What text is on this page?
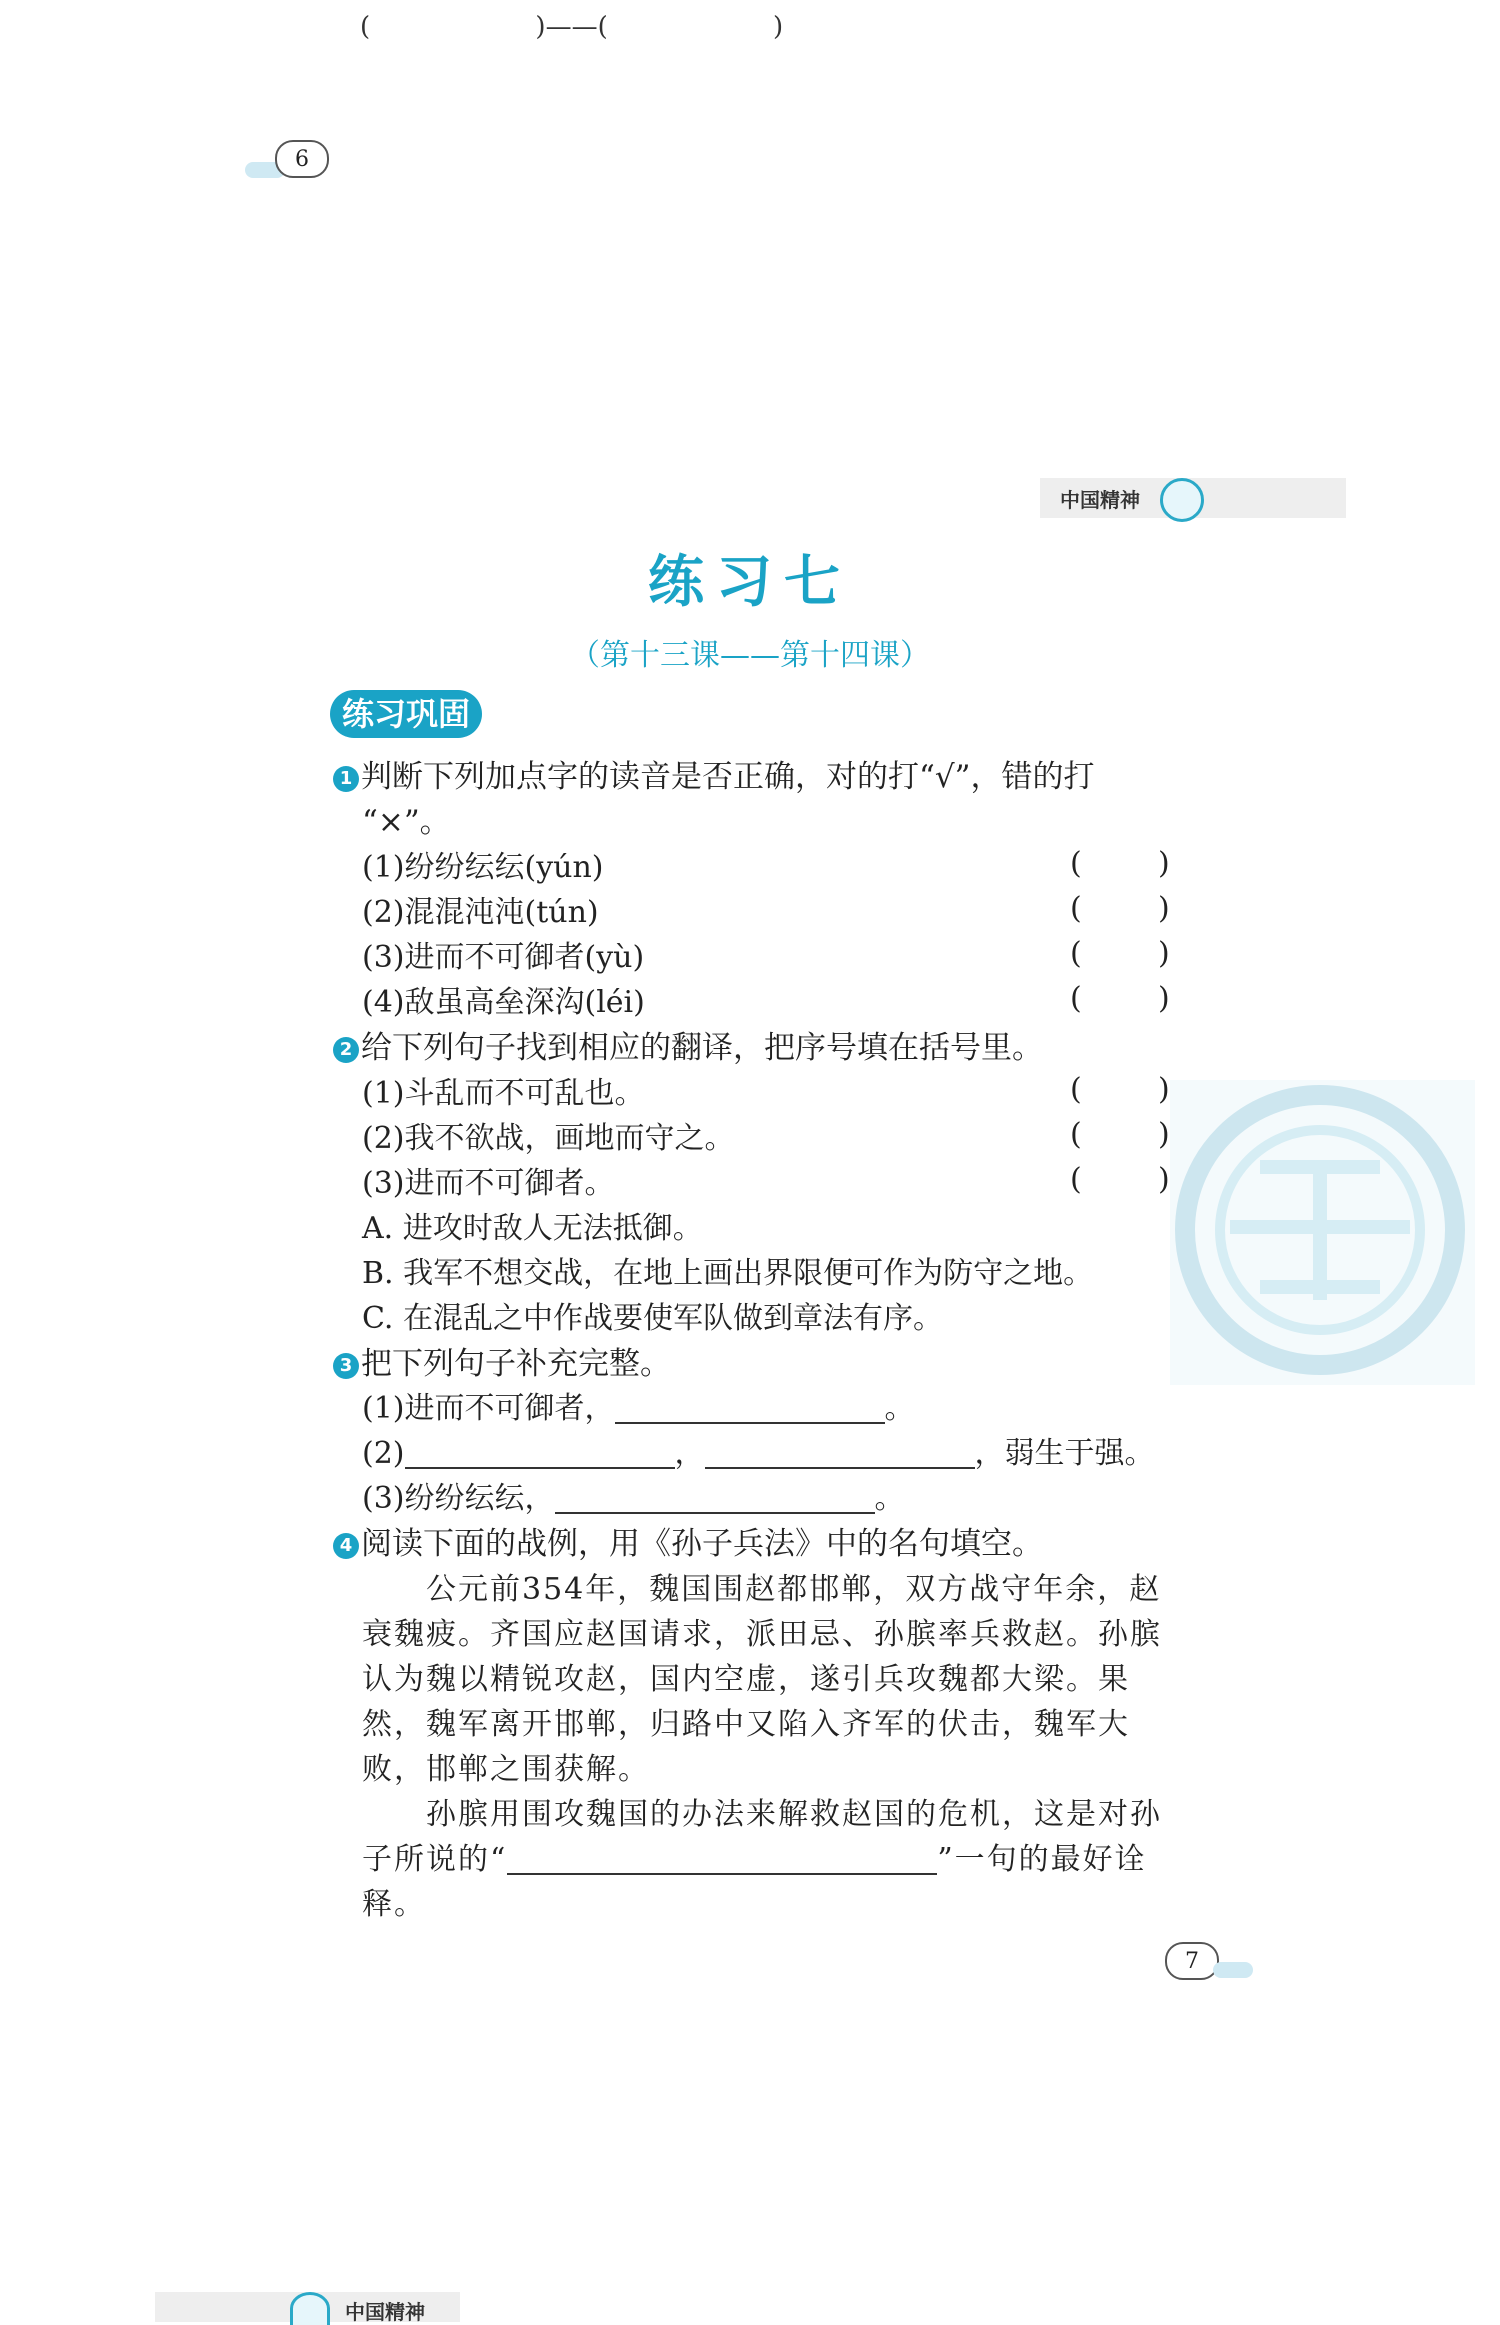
(                    )——(                    )
6
中国精神
练习七
（第十三课——第十四课）
练习巩固
1 判断下列加点字的读音是否正确，对的打“√”，错的打
“×”。
(1)纷纷纭纭(yún)	(        )
(2)混混沌沌(tún)	(        )
(3)进而不可御者(yù)	(        )
(4)敌虽高垒深沟(léi)	(        )
2 给下列句子找到相应的翻译，把序号填在括号里。
(1)斗乱而不可乱也。	(        )
(2)我不欲战，画地而守之。	(        )
(3)进而不可御者。	(        )
A. 进攻时敌人无法抵御。
B. 我军不想交战，在地上画出界限便可作为防守之地。
C. 在混乱之中作战要使军队做到章法有序。
3 把下列句子补充完整。
(1)进而不可御者，	。
(2)	，	，弱生于强。
(3)纷纷纭纭，	。
4 阅读下面的战例，用《孙子兵法》中的名句填空。
公元前354年，魏国围赵都邯郸，双方战守年余，赵衰魏疲。齐国应赵国请求，派田忌、孙膑率兵救赵。孙膑认为魏以精锐攻赵，国内空虚，遂引兵攻魏都大梁。果然，魏军离开邯郸，归路中又陷入齐军的伏击，魏军大败，邯郸之围获解。
孙膑用围攻魏国的办法来解救赵国的危机，这是对孙子所说的“	”一句的最好诠释。
7
中国精神
